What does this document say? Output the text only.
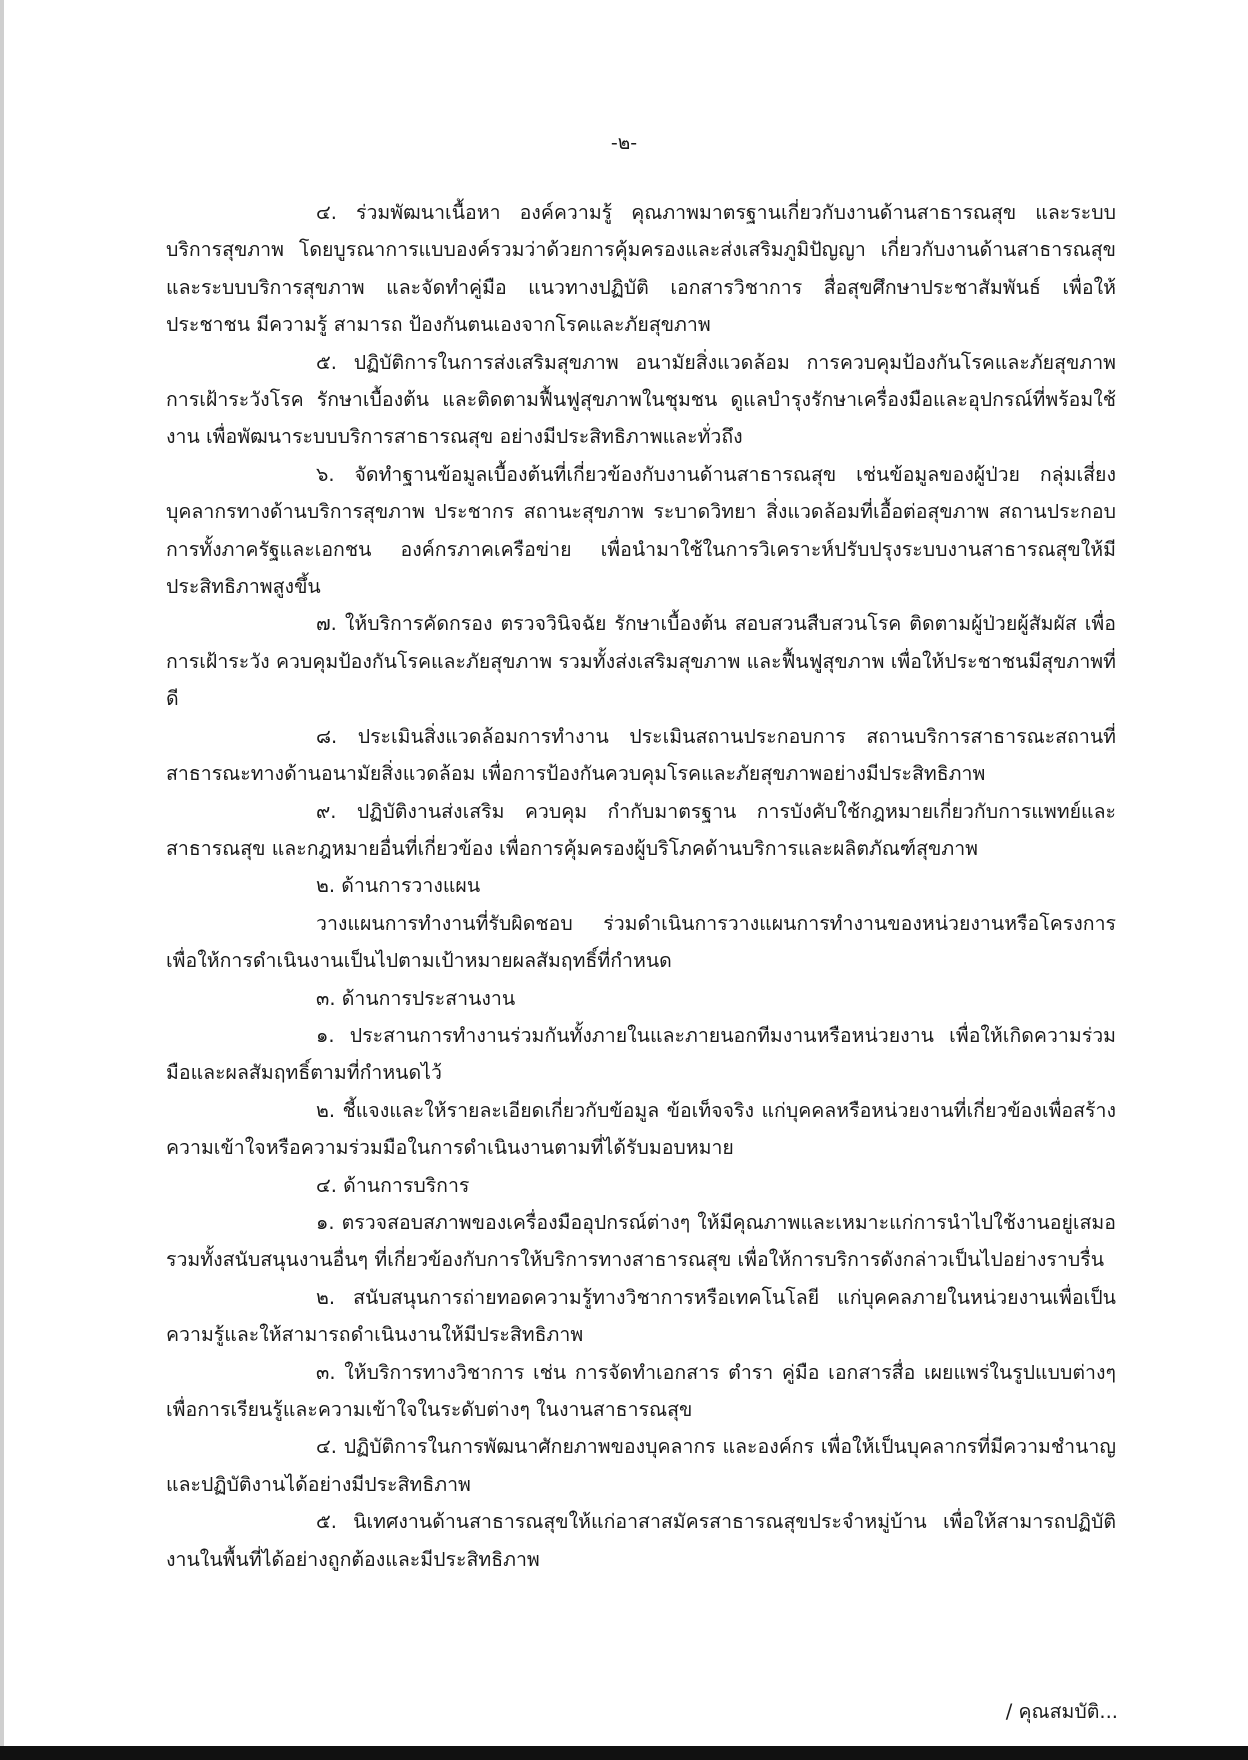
-๒-

๔. ร่วมพัฒนาเนื้อหา องค์ความรู้ คุณภาพมาตรฐานเกี่ยวกับงานด้านสาธารณสุข และระบบบริการสุขภาพ โดยบูรณาการแบบองค์รวมว่าด้วยการคุ้มครองและส่งเสริมภูมิปัญญา เกี่ยวกับงานด้านสาธารณสุขและระบบบริการสุขภาพ และจัดทำคู่มือ แนวทางปฏิบัติ เอกสารวิชาการ สื่อสุขศึกษาประชาสัมพันธ์ เพื่อให้ประชาชน มีความรู้ สามารถ ป้องกันตนเองจากโรคและภัยสุขภาพ

๕. ปฏิบัติการในการส่งเสริมสุขภาพ อนามัยสิ่งแวดล้อม การควบคุมป้องกันโรคและภัยสุขภาพ การเฝ้าระวังโรค รักษาเบื้องต้น และติดตามฟื้นฟูสุขภาพในชุมชน ดูแลบำรุงรักษาเครื่องมือและอุปกรณ์ที่พร้อมใช้งาน เพื่อพัฒนาระบบบริการสาธารณสุข อย่างมีประสิทธิภาพและทั่วถึง

๖. จัดทำฐานข้อมูลเบื้องต้นที่เกี่ยวข้องกับงานด้านสาธารณสุข เช่นข้อมูลของผู้ป่วย กลุ่มเสี่ยง บุคลากรทางด้านบริการสุขภาพ ประชากร สถานะสุขภาพ ระบาดวิทยา สิ่งแวดล้อมที่เอื้อต่อสุขภาพ สถานประกอบการทั้งภาครัฐและเอกชน องค์กรภาคเครือข่าย เพื่อนำมาใช้ในการวิเคราะห์ปรับปรุงระบบงานสาธารณสุขให้มีประสิทธิภาพสูงขึ้น

๗. ให้บริการคัดกรอง ตรวจวินิจฉัย รักษาเบื้องต้น สอบสวนสืบสวนโรค ติดตามผู้ป่วยผู้สัมผัส เพื่อการเฝ้าระวัง ควบคุมป้องกันโรคและภัยสุขภาพ รวมทั้งส่งเสริมสุขภาพ และฟื้นฟูสุขภาพ เพื่อให้ประชาชนมีสุขภาพที่ดี

๘. ประเมินสิ่งแวดล้อมการทำงาน ประเมินสถานประกอบการ สถานบริการสาธารณะสถานที่สาธารณะทางด้านอนามัยสิ่งแวดล้อม เพื่อการป้องกันควบคุมโรคและภัยสุขภาพอย่างมีประสิทธิภาพ

๙. ปฏิบัติงานส่งเสริม ควบคุม กำกับมาตรฐาน การบังคับใช้กฎหมายเกี่ยวกับการแพทย์และสาธารณสุข และกฎหมายอื่นที่เกี่ยวข้อง เพื่อการคุ้มครองผู้บริโภคด้านบริการและผลิตภัณฑ์สุขภาพ

๒. ด้านการวางแผน

วางแผนการทำงานที่รับผิดชอบ ร่วมดำเนินการวางแผนการทำงานของหน่วยงานหรือโครงการเพื่อให้การดำเนินงานเป็นไปตามเป้าหมายผลสัมฤทธิ์ที่กำหนด

๓. ด้านการประสานงาน

๑. ประสานการทำงานร่วมกันทั้งภายในและภายนอกทีมงานหรือหน่วยงาน เพื่อให้เกิดความร่วมมือและผลสัมฤทธิ์ตามที่กำหนดไว้

๒. ชี้แจงและให้รายละเอียดเกี่ยวกับข้อมูล ข้อเท็จจริง แก่บุคคลหรือหน่วยงานที่เกี่ยวข้องเพื่อสร้างความเข้าใจหรือความร่วมมือในการดำเนินงานตามที่ได้รับมอบหมาย

๔. ด้านการบริการ

๑. ตรวจสอบสภาพของเครื่องมืออุปกรณ์ต่างๆ ให้มีคุณภาพและเหมาะแก่การนำไปใช้งานอยู่เสมอ รวมทั้งสนับสนุนงานอื่นๆ ที่เกี่ยวข้องกับการให้บริการทางสาธารณสุข เพื่อให้การบริการดังกล่าวเป็นไปอย่างราบรื่น

๒. สนับสนุนการถ่ายทอดความรู้ทางวิชาการหรือเทคโนโลยี แก่บุคคลภายในหน่วยงานเพื่อเป็นความรู้และให้สามารถดำเนินงานให้มีประสิทธิภาพ

๓. ให้บริการทางวิชาการ เช่น การจัดทำเอกสาร ตำรา คู่มือ เอกสารสื่อ เผยแพร่ในรูปแบบต่างๆ เพื่อการเรียนรู้และความเข้าใจในระดับต่างๆ ในงานสาธารณสุข

๔. ปฏิบัติการในการพัฒนาศักยภาพของบุคลากร และองค์กร เพื่อให้เป็นบุคลากรที่มีความชำนาญ และปฏิบัติงานได้อย่างมีประสิทธิภาพ

๕. นิเทศงานด้านสาธารณสุขให้แก่อาสาสมัครสาธารณสุขประจำหมู่บ้าน เพื่อให้สามารถปฏิบัติงานในพื้นที่ได้อย่างถูกต้องและมีประสิทธิภาพ

/ คุณสมบัติ...
